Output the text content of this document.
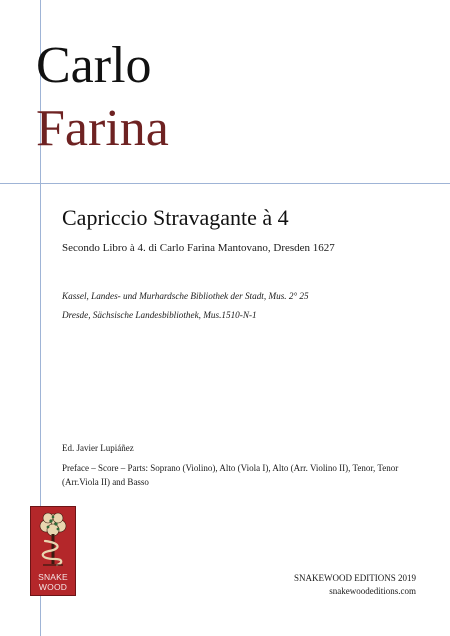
Carlo
Farina
Capriccio Stravagante à 4
Secondo Libro à 4. di Carlo Farina Mantovano, Dresden 1627
Kassel, Landes- und Murhardsche Bibliothek der Stadt, Mus. 2° 25
Dresde, Sächsische Landesbibliothek, Mus.1510-N-1
Ed. Javier Lupiáñez
Preface – Score – Parts: Soprano (Violino), Alto (Viola I), Alto (Arr. Violino II), Tenor, Tenor (Arr.Viola II) and Basso
SNAKE
WOOD
SNAKEWOOD EDITIONS 2019
snakewoodeditions.com
